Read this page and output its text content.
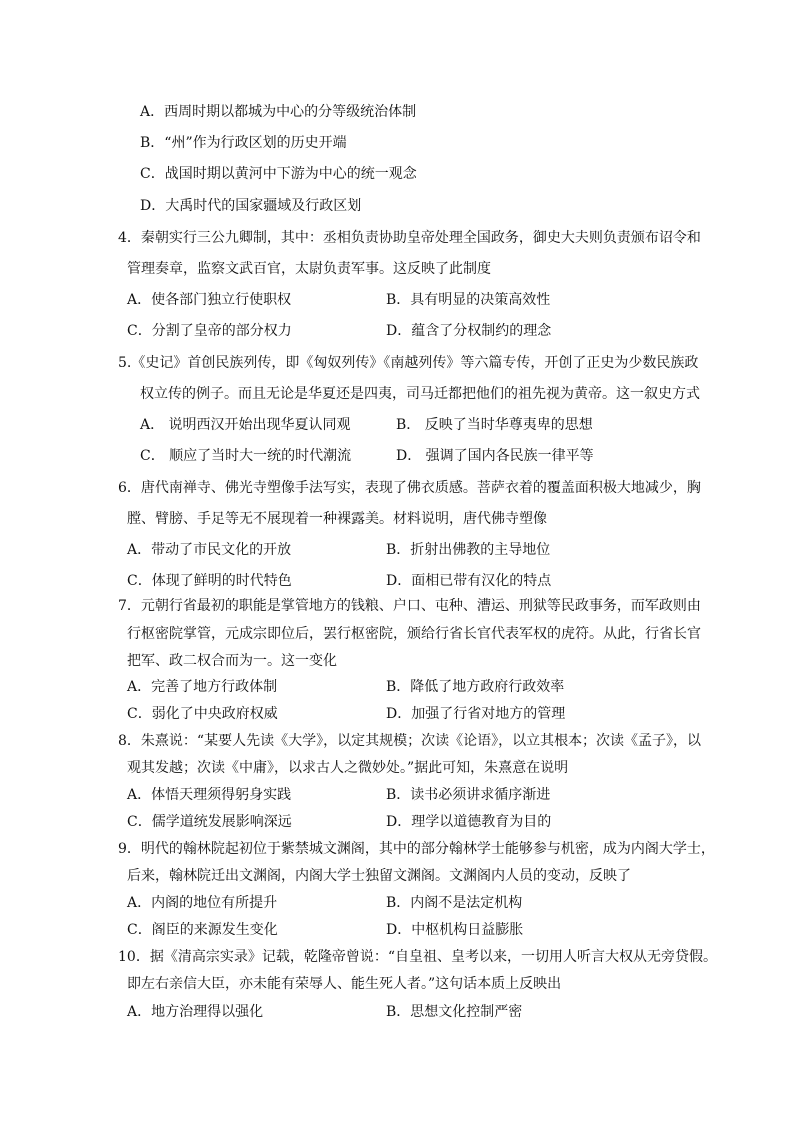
A．西周时期以都城为中心的分等级统治体制
B．“州”作为行政区划的历史开端
C．战国时期以黄河中下游为中心的统一观念
D．大禹时代的国家疆域及行政区划
4．秦朝实行三公九卿制，其中：丞相负责协助皇帝处理全国政务，御史大夫则负责颁布诏令和
管理奏章，监察文武百官，太尉负责军事。这反映了此制度
A．使各部门独立行使职权	B．具有明显的决策高效性
C．分割了皇帝的部分权力	D．蕴含了分权制约的理念
5.《史记》首创民族列传，即《匈奴列传》《南越列传》等六篇专传，开创了正史为少数民族政
权立传的例子。而且无论是华夏还是四夷，司马迁都把他们的祖先视为黄帝。这一叙史方式
A． 说明西汉开始出现华夏认同观	B． 反映了当时华尊夷卑的思想
C． 顺应了当时大一统的时代潮流	D． 强调了国内各民族一律平等
6．唐代南禅寺、佛光寺塑像手法写实，表现了佛衣质感。菩萨衣着的覆盖面积极大地减少，胸
膛、臂膀、手足等无不展现着一种裸露美。材料说明，唐代佛寺塑像
A．带动了市民文化的开放	B．折射出佛教的主导地位
C．体现了鲜明的时代特色	D．面相已带有汉化的特点
7．元朝行省最初的职能是掌管地方的钱粮、户口、屯种、漕运、刑狱等民政事务，而军政则由
行枢密院掌管，元成宗即位后，罢行枢密院，颁给行省长官代表军权的虎符。从此，行省长官
把军、政二权合而为一。这一变化
A．完善了地方行政体制	B．降低了地方政府行政效率
C．弱化了中央政府权威	D．加强了行省对地方的管理
8．朱熹说：“某要人先读《大学》，以定其规模；次读《论语》，以立其根本；次读《孟子》，以
观其发越；次读《中庸》，以求古人之微妙处。”据此可知，朱熹意在说明
A．体悟天理须得躬身实践	B．读书必须讲求循序渐进
C．儒学道统发展影响深远	D．理学以道德教育为目的
9．明代的翰林院起初位于紫禁城文渊阁，其中的部分翰林学士能够参与机密，成为内阁大学士，
后来，翰林院迁出文渊阁，内阁大学士独留文渊阁。文渊阁内人员的变动，反映了
A．内阁的地位有所提升	B．内阁不是法定机构
C．阁臣的来源发生变化	D．中枢机构日益膨胀
10．据《清高宗实录》记载，乾隆帝曾说：“自皇祖、皇考以来，一切用人听言大权从无旁贷假。
即左右亲信大臣，亦未能有荣辱人、能生死人者。”这句话本质上反映出
A．地方治理得以强化	B．思想文化控制严密
